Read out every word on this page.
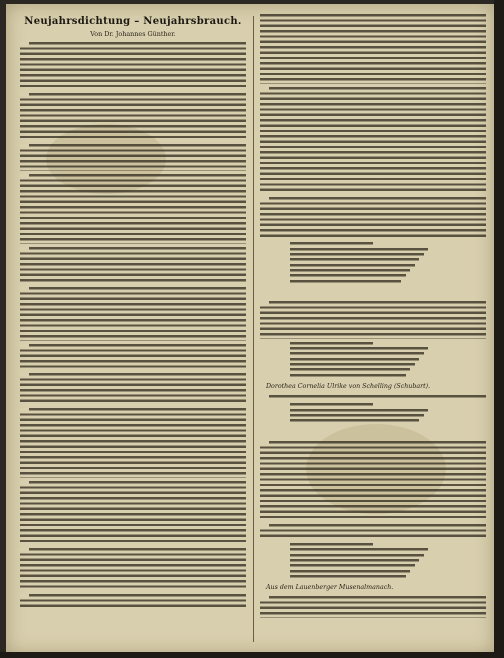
Neujahrsdichtung – Neujahrsbrauch.
Von Dr. Johannes Günther.
Dorothea Cornelia Ulrike von Schelling (Schubart).
Aus dem Lauenberger Musenalmanach.
